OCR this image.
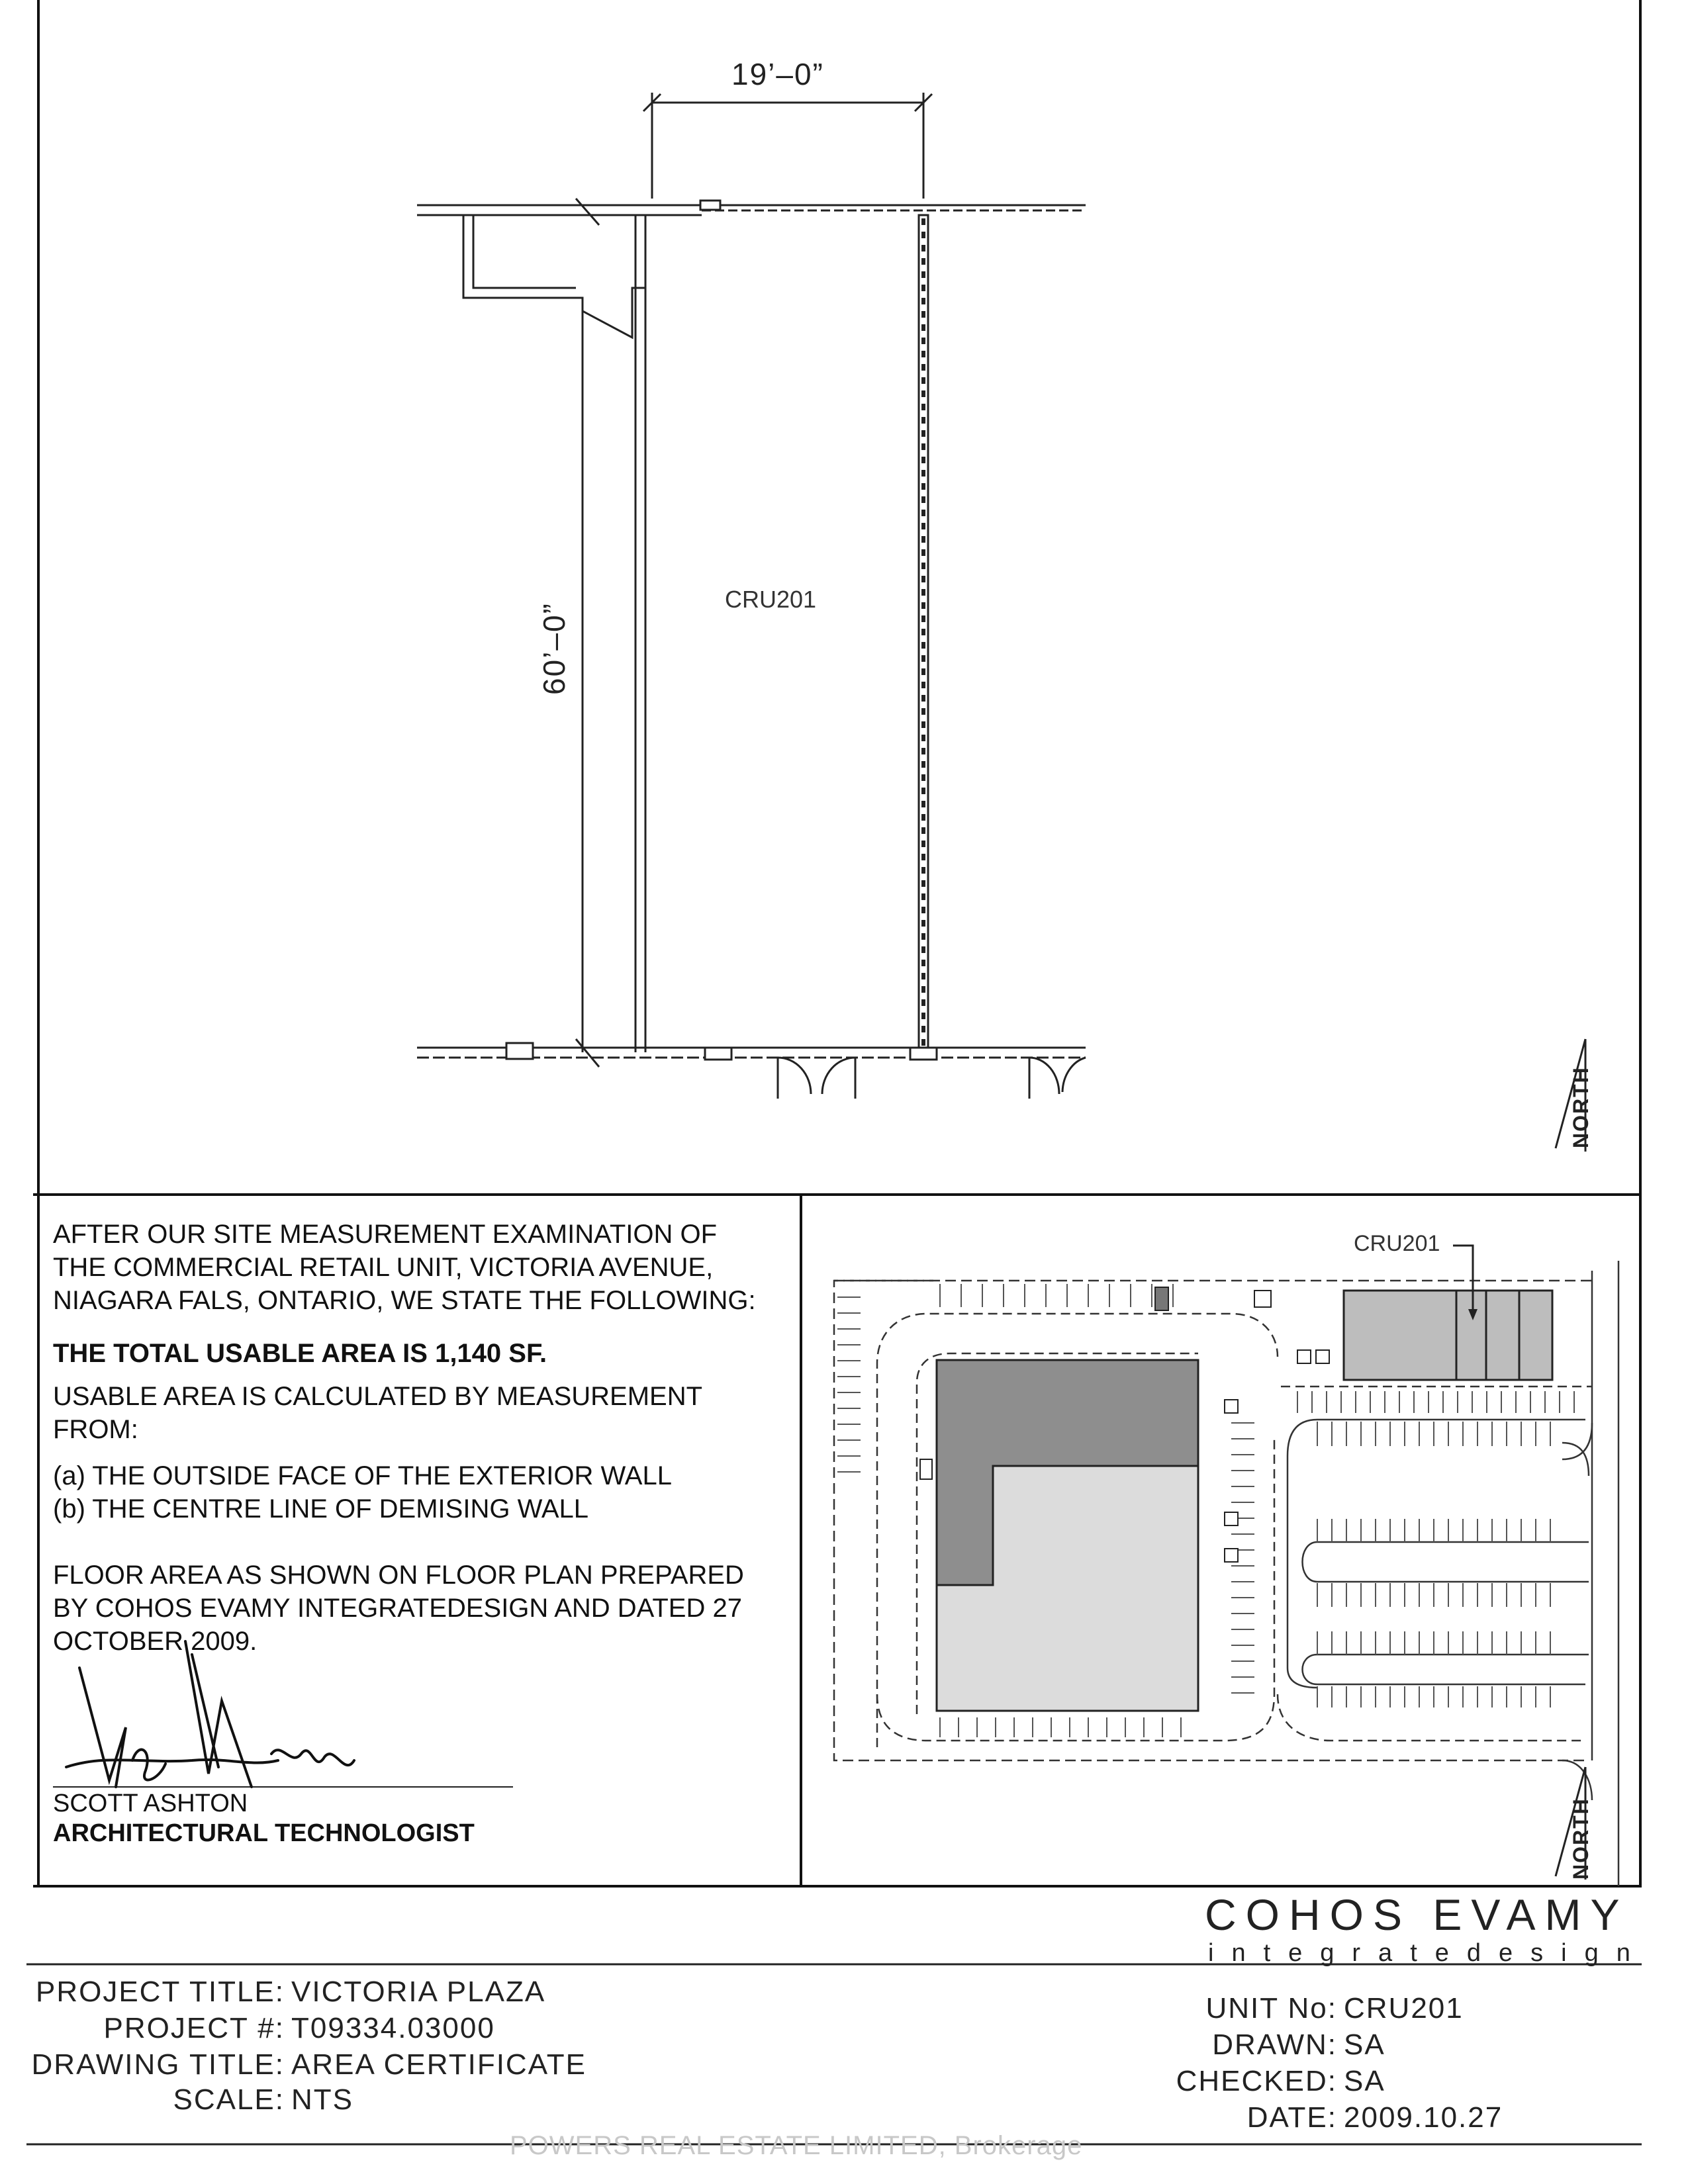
19’–0”
60’–0”
CRU201
NORTH
AFTER OUR SITE MEASUREMENT EXAMINATION OF
THE COMMERCIAL RETAIL UNIT, VICTORIA AVENUE,
NIAGARA FALS, ONTARIO, WE STATE THE FOLLOWING:
THE TOTAL USABLE AREA IS 1,140 SF.
USABLE AREA IS CALCULATED BY MEASUREMENT
FROM:
(a) THE OUTSIDE FACE OF THE EXTERIOR WALL
(b) THE CENTRE LINE OF DEMISING WALL
FLOOR AREA AS SHOWN ON FLOOR PLAN PREPARED
BY COHOS EVAMY INTEGRATEDESIGN AND DATED 27
OCTOBER 2009.
SCOTT ASHTON
ARCHITECTURAL TECHNOLOGIST
CRU201
NORTH
COHOS EVAMY
integratedesign
PROJECT TITLE: VICTORIA PLAZA
PROJECT #: T09334.03000
DRAWING TITLE: AREA CERTIFICATE
SCALE: NTS
UNIT No: CRU201
DRAWN: SA
CHECKED: SA
DATE: 2009.10.27
POWERS REAL ESTATE LIMITED, Brokerage
